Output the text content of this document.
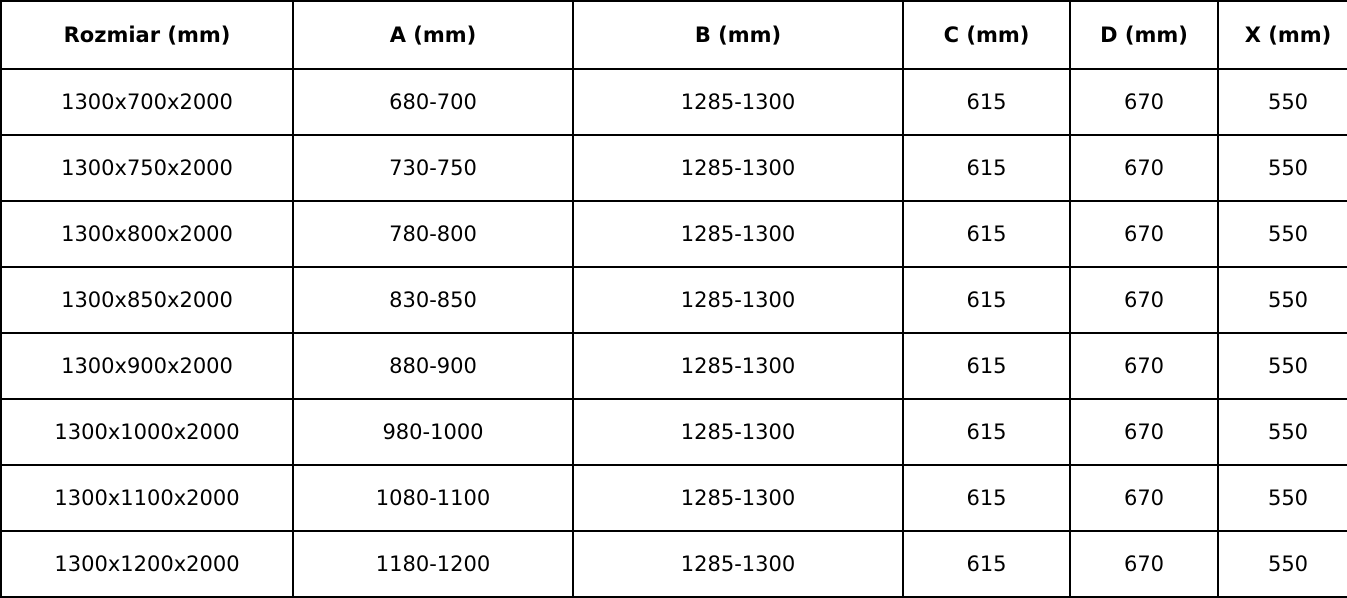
Rozmiar (mm)	A (mm)	B (mm)	C (mm)	D (mm)	X (mm)
1300x700x2000	680-700	1285-1300	615	670	550
1300x750x2000	730-750	1285-1300	615	670	550
1300x800x2000	780-800	1285-1300	615	670	550
1300x850x2000	830-850	1285-1300	615	670	550
1300x900x2000	880-900	1285-1300	615	670	550
1300x1000x2000	980-1000	1285-1300	615	670	550
1300x1100x2000	1080-1100	1285-1300	615	670	550
1300x1200x2000	1180-1200	1285-1300	615	670	550
